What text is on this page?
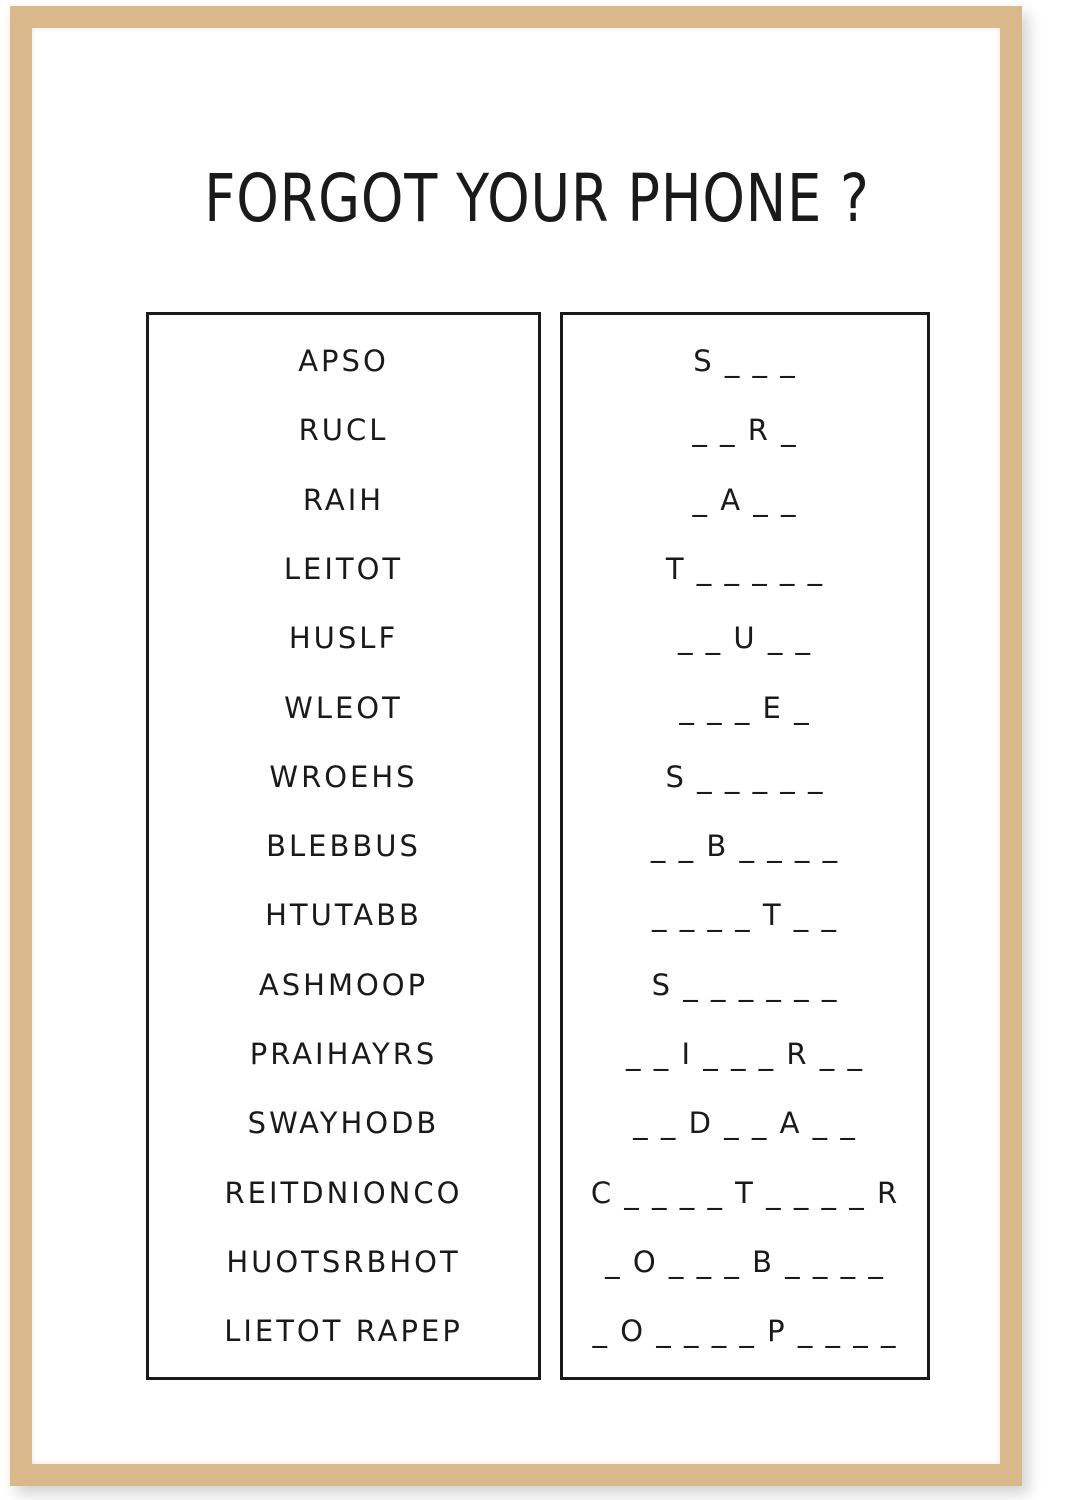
FORGOT YOUR PHONE ?
APSO
RUCL
RAIH
LEITOT
HUSLF
WLEOT
WROEHS
BLEBBUS
HTUTABB
ASHMOOP
PRAIHAYRS
SWAYHODB
REITDNIONCO
HUOTSRBHOT
LIETOT RAPEP
S _ _ _
_ _ R _
_ A _ _
T _ _ _ _ _
_ _ U _ _
_ _ _ E _
S _ _ _ _ _
_ _ B _ _ _ _
_ _ _ _ T _ _
S _ _ _ _ _ _
_ _ I _ _ _ R _ _
_ _ D _ _ A _ _
C _ _ _ _ T _ _ _ _ R
_ O _ _ _ B _ _ _ _
_ O _ _ _ _ P _ _ _ _
